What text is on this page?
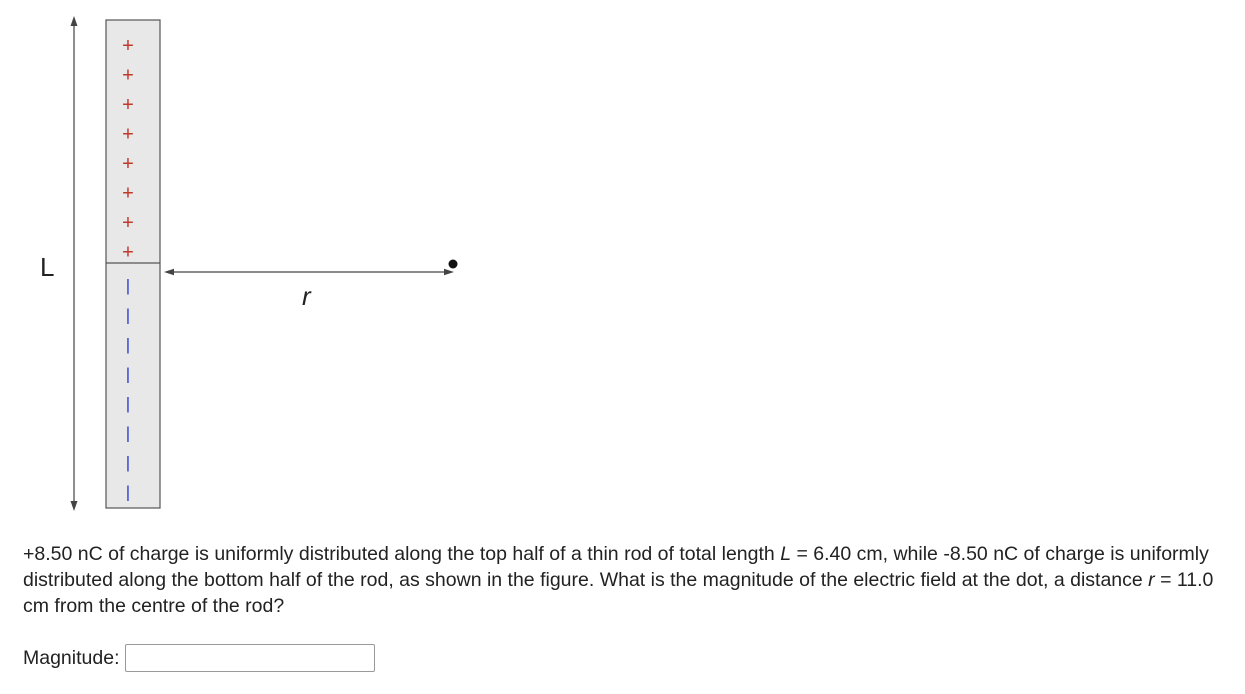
L
+
+
+
+
+
+
+
+
|
|
|
|
|
|
|
|
r

+8.50 nC of charge is uniformly distributed along the top half of a thin rod of total length L = 6.40 cm, while -8.50 nC of charge is uniformly distributed along the bottom half of the rod, as shown in the figure. What is the magnitude of the electric field at the dot, a distance r = 11.0 cm from the centre of the rod?

Magnitude:
